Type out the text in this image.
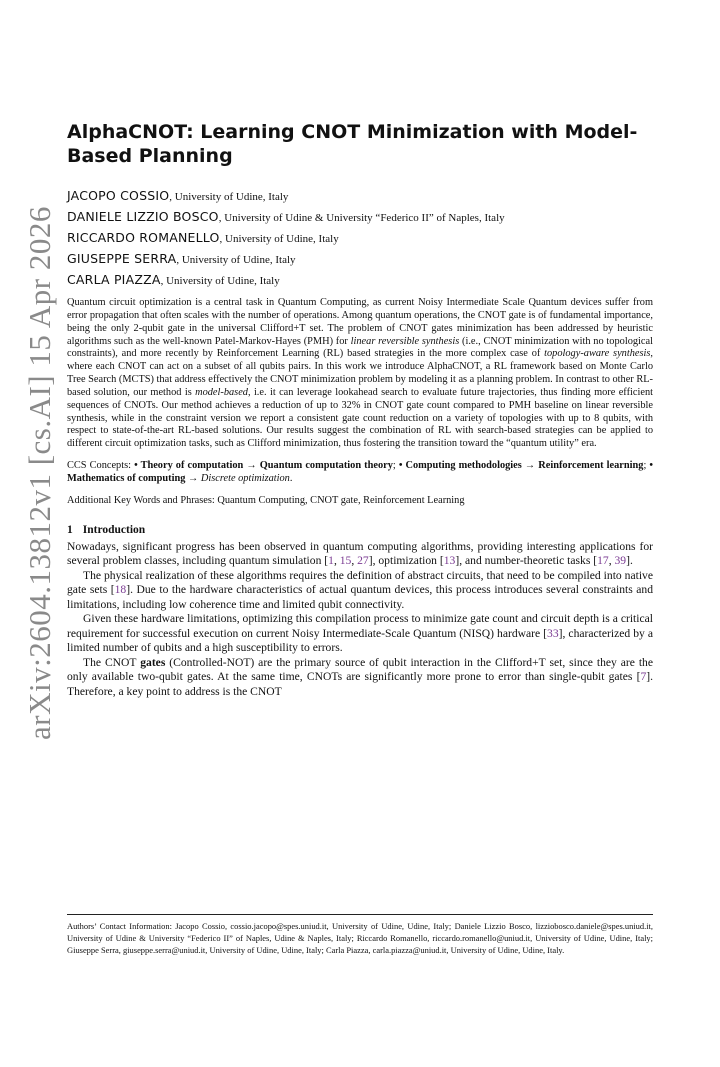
arXiv:2604.13812v1 [cs.AI] 15 Apr 2026
AlphaCNOT: Learning CNOT Minimization with Model-Based Planning
JACOPO COSSIO, University of Udine, Italy
DANIELE LIZZIO BOSCO, University of Udine & University “Federico II” of Naples, Italy
RICCARDO ROMANELLO, University of Udine, Italy
GIUSEPPE SERRA, University of Udine, Italy
CARLA PIAZZA, University of Udine, Italy

Quantum circuit optimization is a central task in Quantum Computing, as current Noisy Intermediate Scale Quantum devices suffer from error propagation that often scales with the number of operations. Among quantum operations, the CNOT gate is of fundamental importance, being the only 2-qubit gate in the universal Clifford+T set. The problem of CNOT gates minimization has been addressed by heuristic algorithms such as the well-known Patel-Markov-Hayes (PMH) for linear reversible synthesis (i.e., CNOT minimization with no topological constraints), and more recently by Reinforcement Learning (RL) based strategies in the more complex case of topology-aware synthesis, where each CNOT can act on a subset of all qubits pairs. In this work we introduce AlphaCNOT, a RL framework based on Monte Carlo Tree Search (MCTS) that address effectively the CNOT minimization problem by modeling it as a planning problem. In contrast to other RL-based solution, our method is model-based, i.e. it can leverage lookahead search to evaluate future trajectories, thus finding more efficient sequences of CNOTs. Our method achieves a reduction of up to 32% in CNOT gate count compared to PMH baseline on linear reversible synthesis, while in the constraint version we report a consistent gate count reduction on a variety of topologies with up to 8 qubits, with respect to state-of-the-art RL-based solutions. Our results suggest the combination of RL with search-based strategies can be applied to different circuit optimization tasks, such as Clifford minimization, thus fostering the transition toward the “quantum utility” era.

CCS Concepts: • Theory of computation → Quantum computation theory; • Computing methodologies → Reinforcement learning; • Mathematics of computing → Discrete optimization.

Additional Key Words and Phrases: Quantum Computing, CNOT gate, Reinforcement Learning

1 Introduction

Nowadays, significant progress has been observed in quantum computing algorithms, providing interesting applications for several problem classes, including quantum simulation [1, 15, 27], optimization [13], and number-theoretic tasks [17, 39].

The physical realization of these algorithms requires the definition of abstract circuits, that need to be compiled into native gate sets [18]. Due to the hardware characteristics of actual quantum devices, this process introduces several constraints and limitations, including low coherence time and limited qubit connectivity.

Given these hardware limitations, optimizing this compilation process to minimize gate count and circuit depth is a critical requirement for successful execution on current Noisy Intermediate-Scale Quantum (NISQ) hardware [33], characterized by a limited number of qubits and a high susceptibility to errors.

The CNOT gates (Controlled-NOT) are the primary source of qubit interaction in the Clifford+T set, since they are the only available two-qubit gates. At the same time, CNOTs are significantly more prone to error than single-qubit gates [7]. Therefore, a key point to address is the CNOT

Authors’ Contact Information: Jacopo Cossio, cossio.jacopo@spes.uniud.it, University of Udine, Udine, Italy; Daniele Lizzio Bosco, lizziobosco.daniele@spes.uniud.it, University of Udine & University “Federico II” of Naples, Udine & Naples, Italy; Riccardo Romanello, riccardo.romanello@uniud.it, University of Udine, Udine, Italy; Giuseppe Serra, giuseppe.serra@uniud.it, University of Udine, Udine, Italy; Carla Piazza, carla.piazza@uniud.it, University of Udine, Udine, Italy.
